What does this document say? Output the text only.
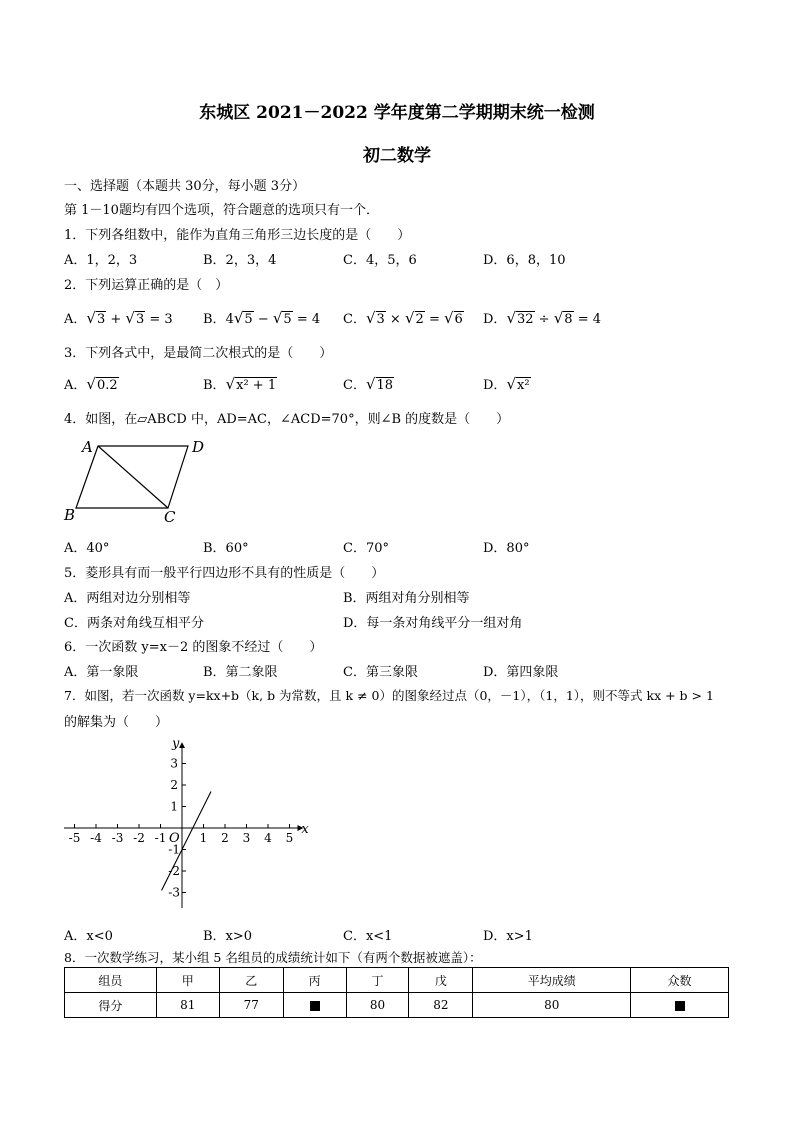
东城区 2021－2022 学年度第二学期期末统一检测
初二数学
一、选择题（本题共 30分，每小题 3分）
第 1－10题均有四个选项，符合题意的选项只有一个．
1．下列各组数中，能作为直角三角形三边长度的是（　　）
A．1，2，3	B．2，3，4	C．4，5，6	D．6，8，10
2．下列运算正确的是（　）
A．√3 + √3 = 3 B．4√5 − √5 = 4 C．√3 × √2 = √6 D．√32 ÷ √8 = 4
3．下列各式中，是最简二次根式的是（　　）
A．√0.2	B．√x² + 1	C．√18	D．√x²
4．如图，在▱ABCD 中，AD=AC，∠ACD=70°，则∠B 的度数是（　　）
A	D
B	C
A．40°	B．60°	C．70°	D．80°
5．菱形具有而一般平行四边形不具有的性质是（　　）
A．两组对边分别相等	B．两组对角分别相等
C．两条对角线互相平分	D．每一条对角线平分一组对角
6．一次函数 y=x－2 的图象不经过（　　）
A．第一象限	B．第二象限	C．第三象限	D．第四象限
7．如图，若一次函数 y=kx+b（k, b 为常数，且 k ≠ 0）的图象经过点（0，－1），（1，1），则不等式 kx + b > 1
的解集为（　　）
-5 -4 -3 -2 -1	1 2 3 4 5
3
2
1
-1
-2
-3
x
y
O
A．x<0	B．x>0	C．x<1	D．x>1
8．一次数学练习，某小组 5 名组员的成绩统计如下（有两个数据被遮盖）：
组员	甲	乙	丙	丁	戊	平均成绩	众数
得分	81	77		80	82	80	
